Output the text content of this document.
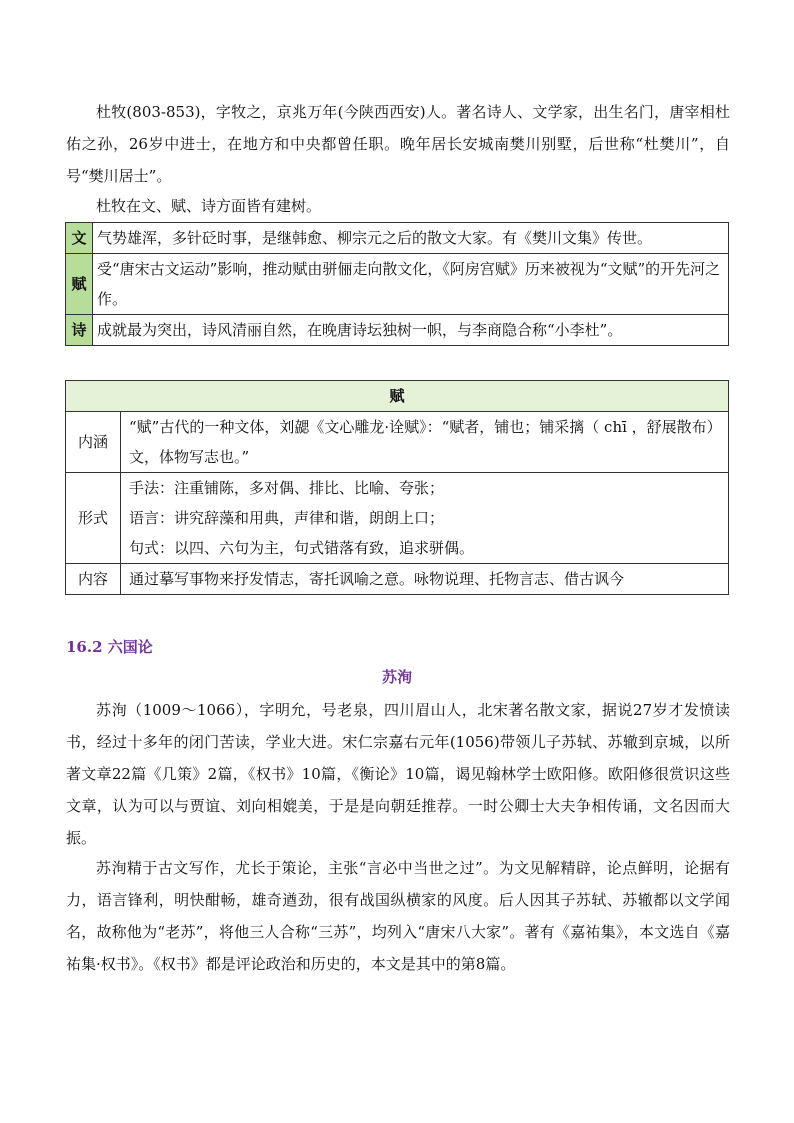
杜牧(803-853)，字牧之，京兆万年(今陕西西安)人。著名诗人、文学家，出生名门，唐宰相杜佑之孙，26岁中进士，在地方和中央都曾任职。晚年居长安城南樊川别墅，后世称“杜樊川”，自号“樊川居士”。
杜牧在文、赋、诗方面皆有建树。
文	气势雄浑，多针砭时事，是继韩愈、柳宗元之后的散文大家。有《樊川文集》传世。
赋	受“唐宋古文运动”影响，推动赋由骈俪走向散文化，《阿房宫赋》历来被视为“文赋”的开先河之作。
诗	成就最为突出，诗风清丽自然，在晚唐诗坛独树一帜，与李商隐合称“小李杜”。
赋	
内涵	“赋”古代的一种文体，刘勰《文心雕龙·诠赋》：“赋者，铺也；铺采摛（ chī ，舒展散布）文，体物写志也。”

形式	手法：注重铺陈，多对偶、排比、比喻、夸张；
语言：讲究辞藻和用典，声律和谐，朗朗上口；
句式：以四、六句为主，句式错落有致，追求骈偶。

内容	通过摹写事物来抒发情志，寄托讽喻之意。咏物说理、托物言志、借古讽今
16.2 六国论
苏洵
苏洵（1009～1066），字明允，号老泉，四川眉山人，北宋著名散文家，据说27岁才发愤读书，经过十多年的闭门苦读，学业大进。宋仁宗嘉右元年(1056)带领儿子苏轼、苏辙到京城，以所著文章22篇《几策》2篇，《权书》10篇，《衡论》10篇，谒见翰林学士欧阳修。欧阳修很赏识这些文章，认为可以与贾谊、刘向相媲美，于是是向朝廷推荐。一时公卿士大夫争相传诵，文名因而大振。
苏洵精于古文写作，尤长于策论，主张“言必中当世之过”。为文见解精辟，论点鲜明，论据有力，语言锋利，明快酣畅，雄奇遒劲，很有战国纵横家的风度。后人因其子苏轼、苏辙都以文学闻名，故称他为“老苏”，将他三人合称“三苏”，均列入“唐宋八大家”。著有《嘉祐集》，本文选自《嘉祐集·权书》。《权书》都是评论政治和历史的，本文是其中的第8篇。
